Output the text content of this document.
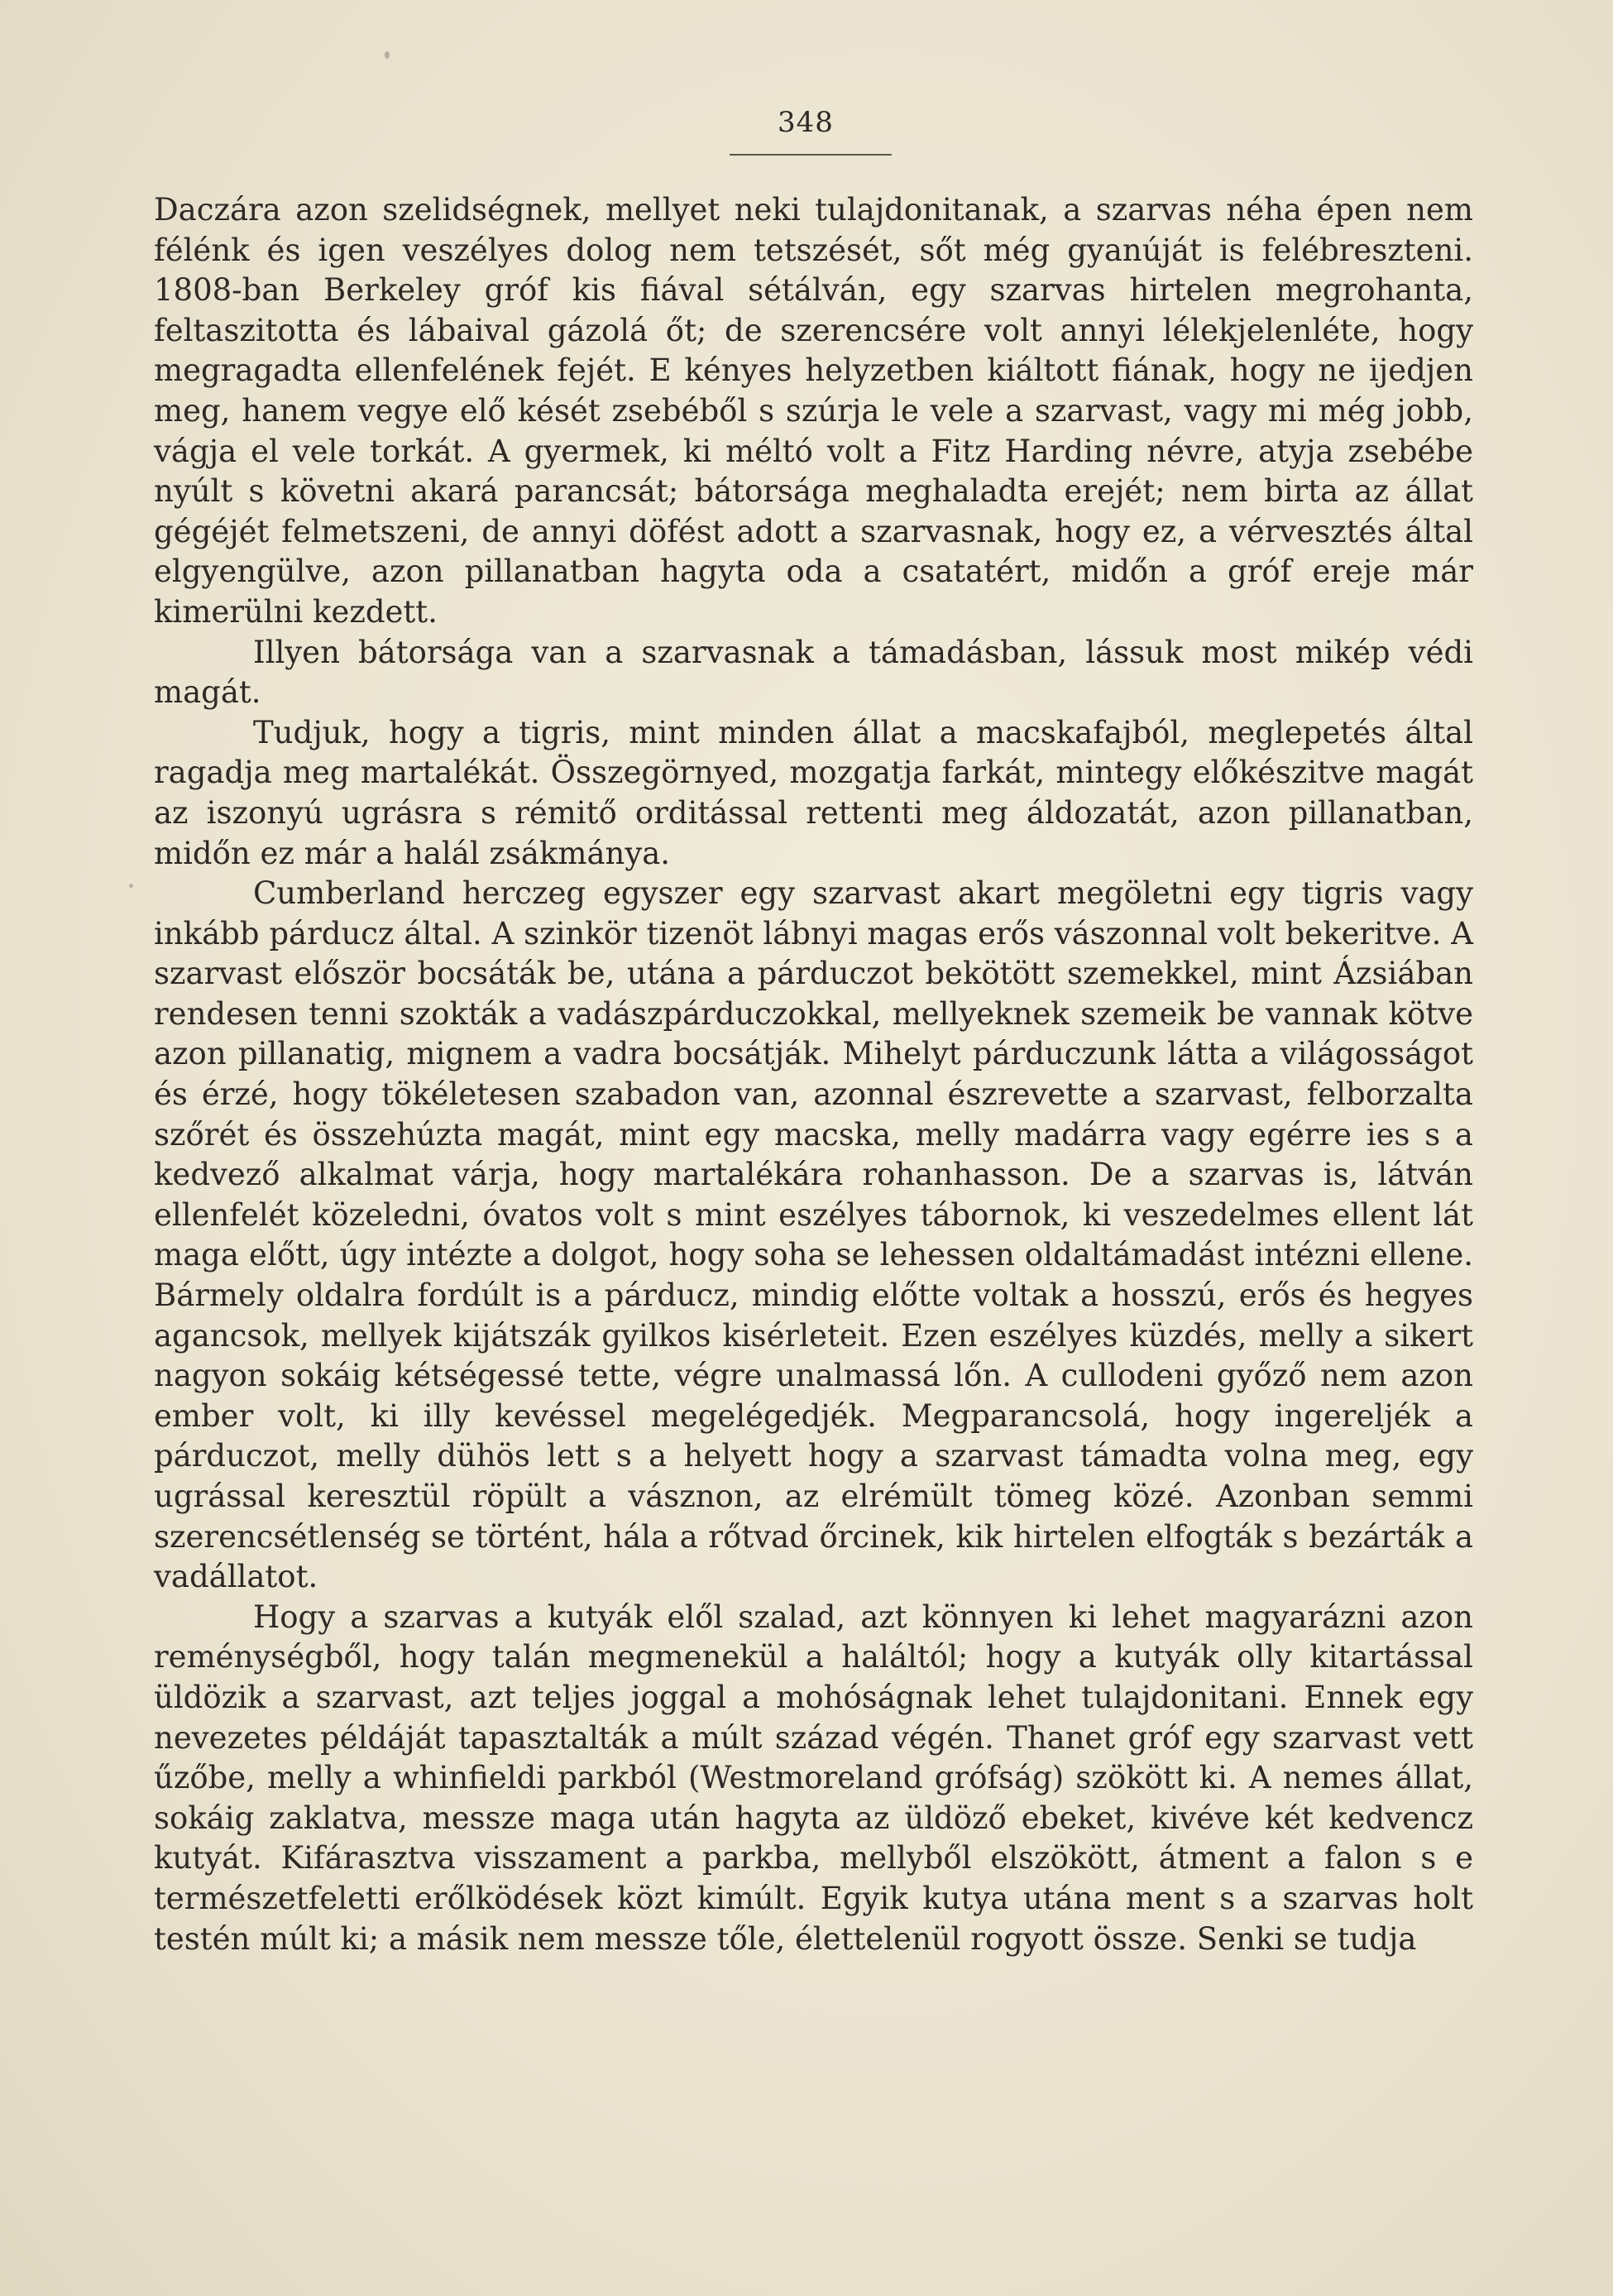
348

Daczára azon szelidségnek, mellyet neki tulajdonitanak, a szarvas néha épen nem félénk és igen veszélyes dolog nem tetszését, sőt még gyanúját is felébreszteni. 1808-ban Berkeley gróf kis fiával sétálván, egy szarvas hirtelen megrohanta, feltaszitotta és lábaival gázolá őt; de szerencsére volt annyi lélekjelenléte, hogy megragadta ellenfelének fejét. E kényes helyzetben kiáltott fiának, hogy ne ijedjen meg, hanem vegye elő kését zsebéből s szúrja le vele a szarvast, vagy mi még jobb, vágja el vele torkát. A gyermek, ki méltó volt a Fitz Harding névre, atyja zsebébe nyúlt s követni akará parancsát; bátorsága meghaladta erejét; nem birta az állat gégéjét felmetszeni, de annyi döfést adott a szarvasnak, hogy ez, a vérvesztés által elgyengülve, azon pillanatban hagyta oda a csatatért, midőn a gróf ereje már kimerülni kezdett.

Illyen bátorsága van a szarvasnak a támadásban, lássuk most mikép védi magát.

Tudjuk, hogy a tigris, mint minden állat a macskafajból, meglepetés által ragadja meg martalékát. Összegörnyed, mozgatja farkát, mintegy előkészitve magát az iszonyú ugrásra s rémitő orditással rettenti meg áldozatát, azon pillanatban, midőn ez már a halál zsákmánya.

Cumberland herczeg egyszer egy szarvast akart megöletni egy tigris vagy inkább párducz által. A szinkör tizenöt lábnyi magas erős vászonnal volt bekeritve. A szarvast először bocsáták be, utána a párduczot bekötött szemekkel, mint Ázsiában rendesen tenni szokták a vadászpárduczokkal, mellyeknek szemeik be vannak kötve azon pillanatig, mignem a vadra bocsátják. Mihelyt párduczunk látta a világosságot és érzé, hogy tökéletesen szabadon van, azonnal észrevette a szarvast, felborzalta szőrét és összehúzta magát, mint egy macska, melly madárra vagy egérre ies s a kedvező alkalmat várja, hogy martalékára rohanhasson. De a szarvas is, látván ellenfelét közeledni, óvatos volt s mint eszélyes tábornok, ki veszedelmes ellent lát maga előtt, úgy intézte a dolgot, hogy soha se lehessen oldaltámadást intézni ellene. Bármely oldalra fordúlt is a párducz, mindig előtte voltak a hosszú, erős és hegyes agancsok, mellyek kijátszák gyilkos kisérleteit. Ezen eszélyes küzdés, melly a sikert nagyon sokáig kétségessé tette, végre unalmassá lőn. A cullodeni győző nem azon ember volt, ki illy kevéssel megelégedjék. Megparancsolá, hogy ingereljék a párduczot, melly dühös lett s a helyett hogy a szarvast támadta volna meg, egy ugrással keresztül röpült a vásznon, az elrémült tömeg közé. Azonban semmi szerencsétlenség se történt, hála a rőtvad őrcinek, kik hirtelen elfogták s bezárták a vadállatot.

Hogy a szarvas a kutyák elől szalad, azt könnyen ki lehet magyarázni azon reménységből, hogy talán megmenekül a haláltól; hogy a kutyák olly kitartással üldözik a szarvast, azt teljes joggal a mohóságnak lehet tulajdonitani. Ennek egy nevezetes példáját tapasztalták a múlt század végén. Thanet gróf egy szarvast vett űzőbe, melly a whinfieldi parkból (Westmoreland grófság) szökött ki. A nemes állat, sokáig zaklatva, messze maga után hagyta az üldöző ebeket, kivéve két kedvencz kutyát. Kifárasztva visszament a parkba, mellyből elszökött, átment a falon s e természetfeletti erőlködések közt kimúlt. Egyik kutya utána ment s a szarvas holt testén múlt ki; a másik nem messze tőle, élettelenül rogyott össze. Senki se tudja
